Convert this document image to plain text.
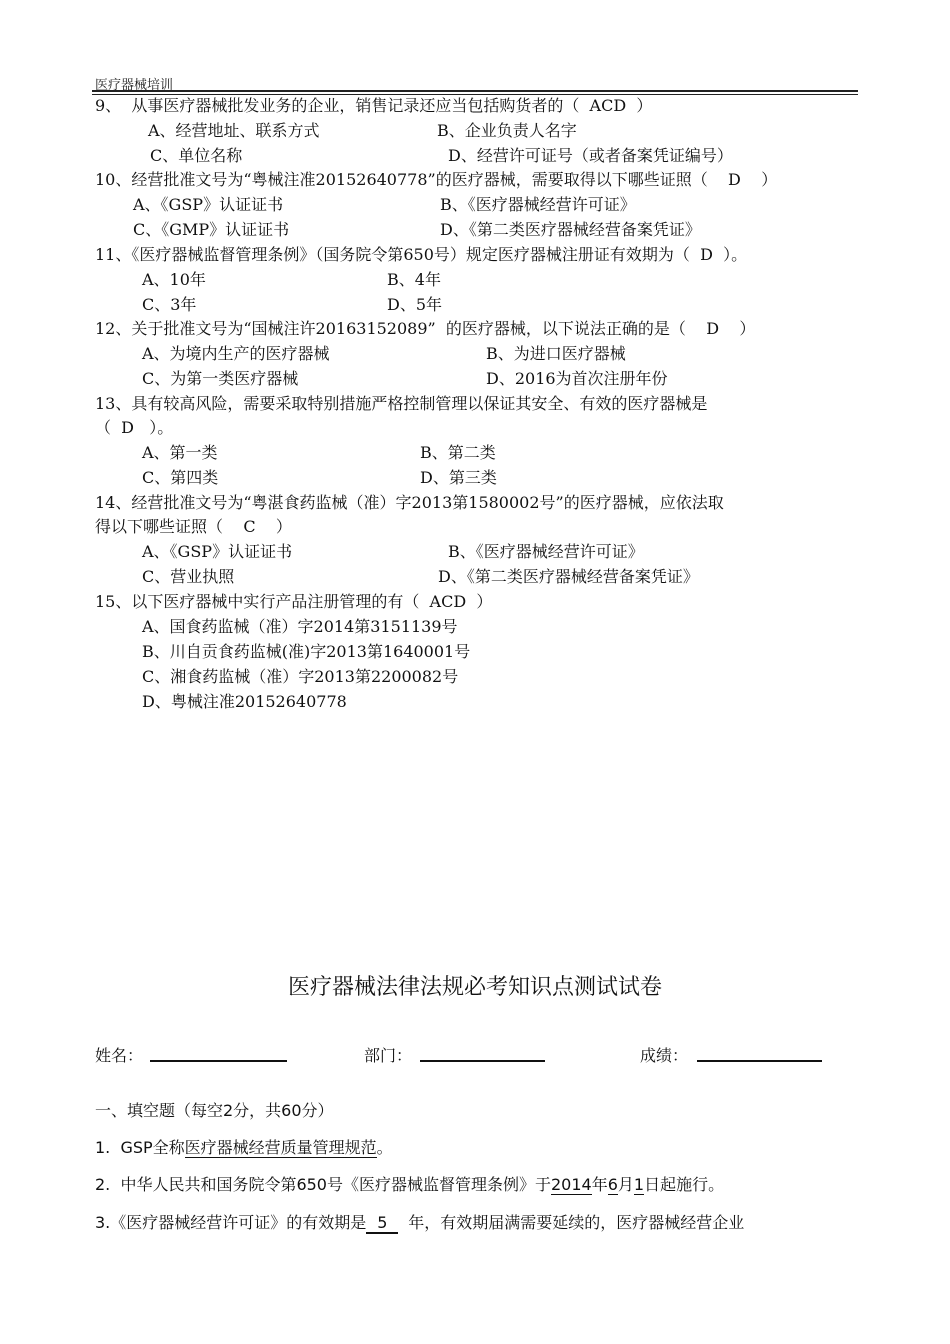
医疗器械培训
9、  从事医疗器械批发业务的企业，销售记录还应当包括购货者的（  ACD  ）
A、经营地址、联系方式	B、企业负责人名字
C、单位名称	D、经营许可证号（或者备案凭证编号）
10、经营批准文号为“粤械注准20152640778”的医疗器械，需要取得以下哪些证照（    D    ）
A、《GSP》认证证书	B、《医疗器械经营许可证》
C、《GMP》认证证书	D、《第二类医疗器械经营备案凭证》
11、《医疗器械监督管理条例》（国务院令第650号）规定医疗器械注册证有效期为（  D  ）。
A、10年	B、4年
C、3年	D、5年
12、关于批准文号为“国械注许20163152089”  的医疗器械，以下说法正确的是（    D    ）
A、为境内生产的医疗器械	B、为进口医疗器械
C、为第一类医疗器械	D、2016为首次注册年份
13、具有较高风险，需要采取特别措施严格控制管理以保证其安全、有效的医疗器械是
（  D   ）。
A、第一类	B、第二类
C、第四类	D、第三类
14、经营批准文号为“粤湛食药监械（准）字2013第1580002号”的医疗器械，应依法取
得以下哪些证照（    C    ）
A、《GSP》认证证书	B、《医疗器械经营许可证》
C、营业执照	D、《第二类医疗器械经营备案凭证》
15、以下医疗器械中实行产品注册管理的有（  ACD  ）
A、国食药监械（准）字2014第3151139号
B、川自贡食药监械(准)字2013第1640001号
C、湘食药监械（准）字2013第2200082号
D、粤械注准20152640778
医疗器械法律法规必考知识点测试试卷
姓名：	部门：	成绩：
一、填空题（每空2分，共60分）
1.  GSP全称医疗器械经营质量管理规范。
2.  中华人民共和国务院令第650号《医疗器械监督管理条例》于2014年6月1日起施行。
3.《医疗器械经营许可证》的有效期是 5 年，有效期届满需要延续的，医疗器械经营企业
